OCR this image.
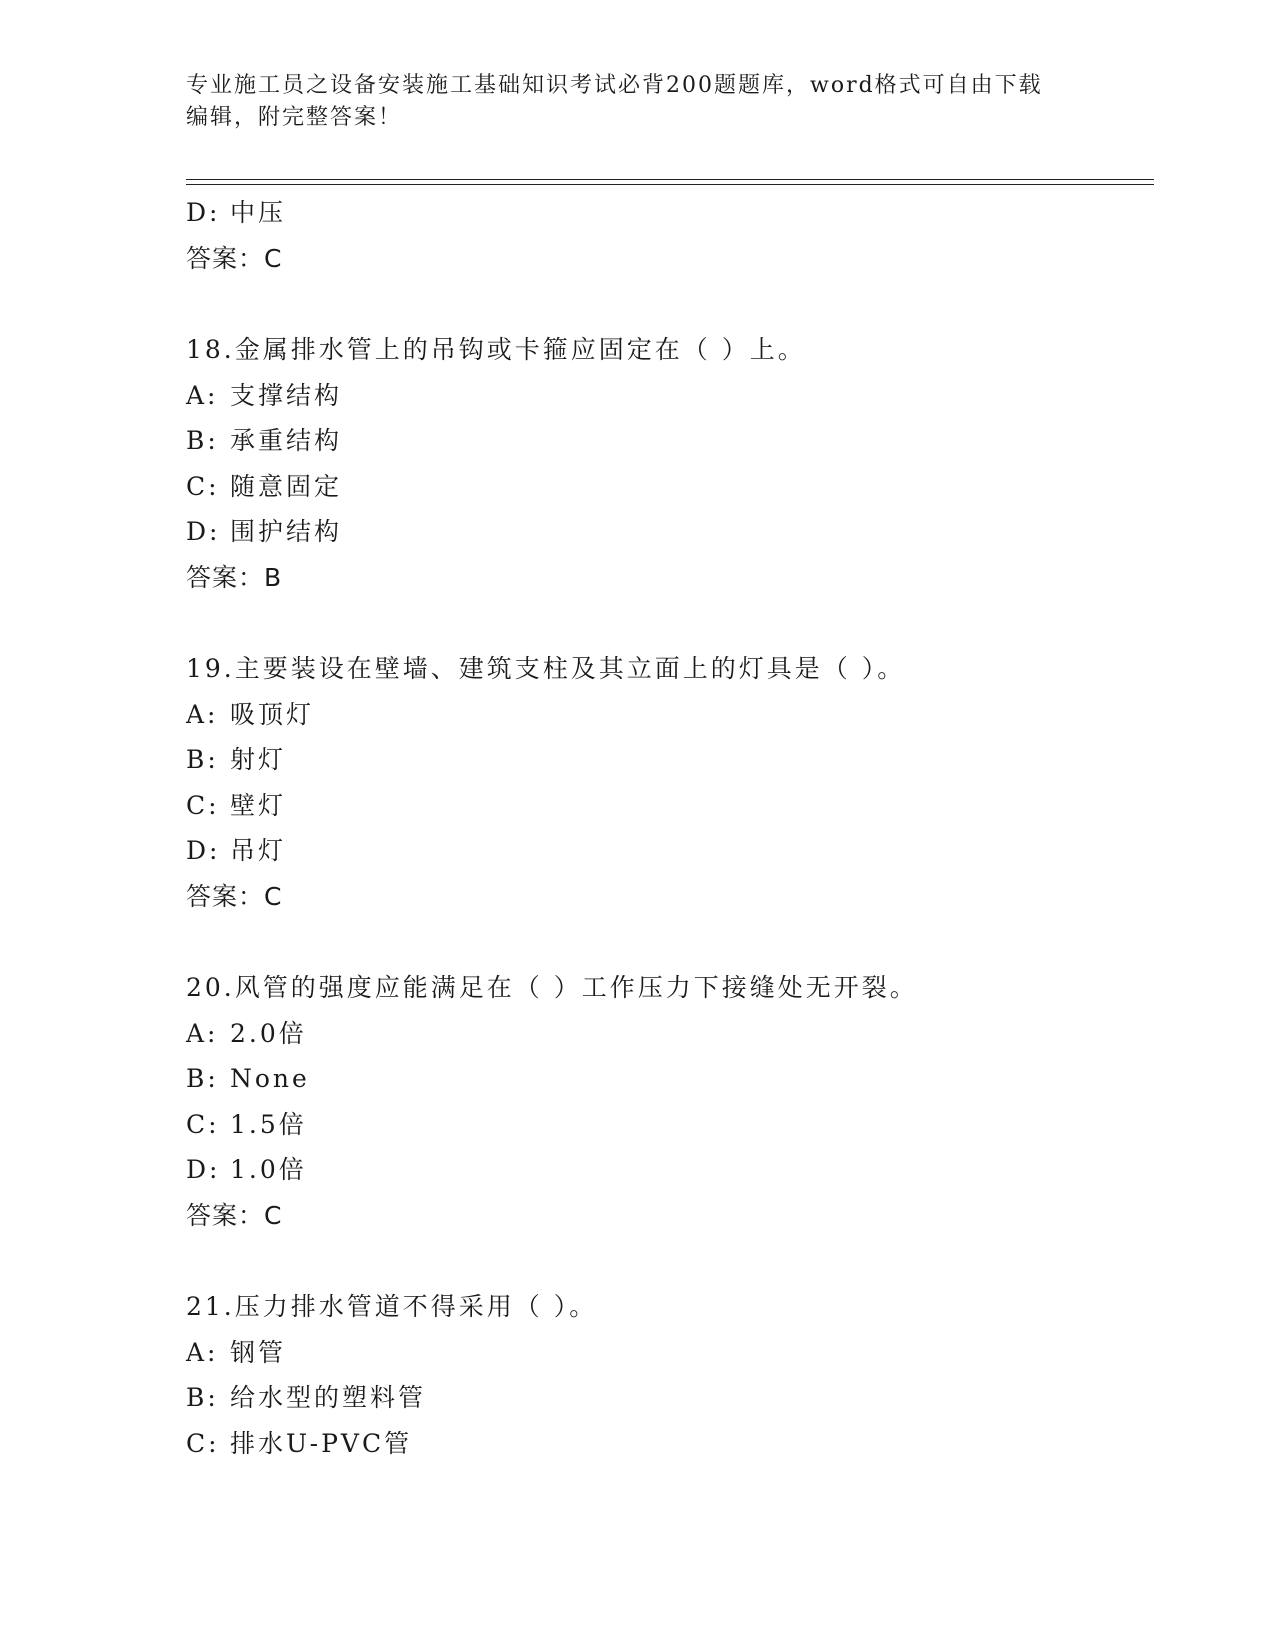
专业施工员之设备安装施工基础知识考试必背200题题库，word格式可自由下载
编辑，附完整答案！
D: 中压
答案：C
18.金属排水管上的吊钩或卡箍应固定在（ ）上。
A: 支撑结构
B: 承重结构
C: 随意固定
D: 围护结构
答案：B
19.主要装设在壁墙、建筑支柱及其立面上的灯具是（ ）。
A: 吸顶灯
B: 射灯
C: 壁灯
D: 吊灯
答案：C
20.风管的强度应能满足在（ ）工作压力下接缝处无开裂。
A: 2.0倍
B: None
C: 1.5倍
D: 1.0倍
答案：C
21.压力排水管道不得采用（ ）。
A: 钢管
B: 给水型的塑料管
C: 排水U-PVC管
